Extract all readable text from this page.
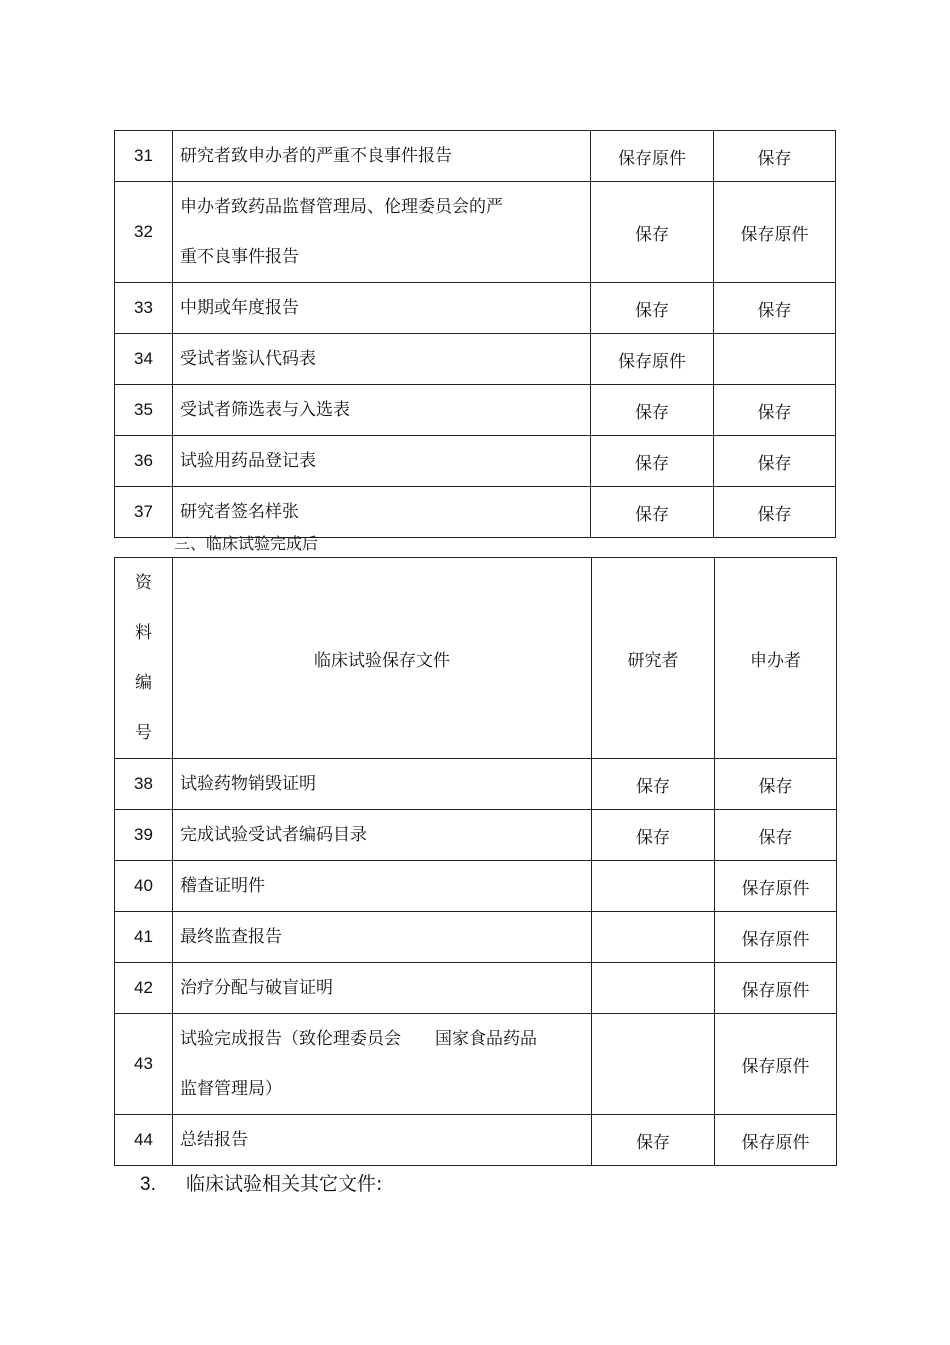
31	研究者致申办者的严重不良事件报告	保存原件	保存
32	申办者致药品监督管理局、伦理委员会的严
重不良事件报告	保存	保存原件
33	中期或年度报告	保存	保存
34	受试者鉴认代码表	保存原件	
35	受试者筛选表与入选表	保存	保存
36	试验用药品登记表	保存	保存
37	研究者签名样张	保存	保存
三、临床试验完成后
资
料
编
号	临床试验保存文件	研究者	申办者
38	试验药物销毁证明	保存	保存
39	完成试验受试者编码目录	保存	保存
40	稽查证明件		保存原件
41	最终监查报告		保存原件
42	治疗分配与破盲证明		保存原件
43	试验完成报告（致伦理委员会　　国家食品药品
监督管理局）		保存原件
44	总结报告	保存	保存原件
3. 临床试验相关其它文件:
